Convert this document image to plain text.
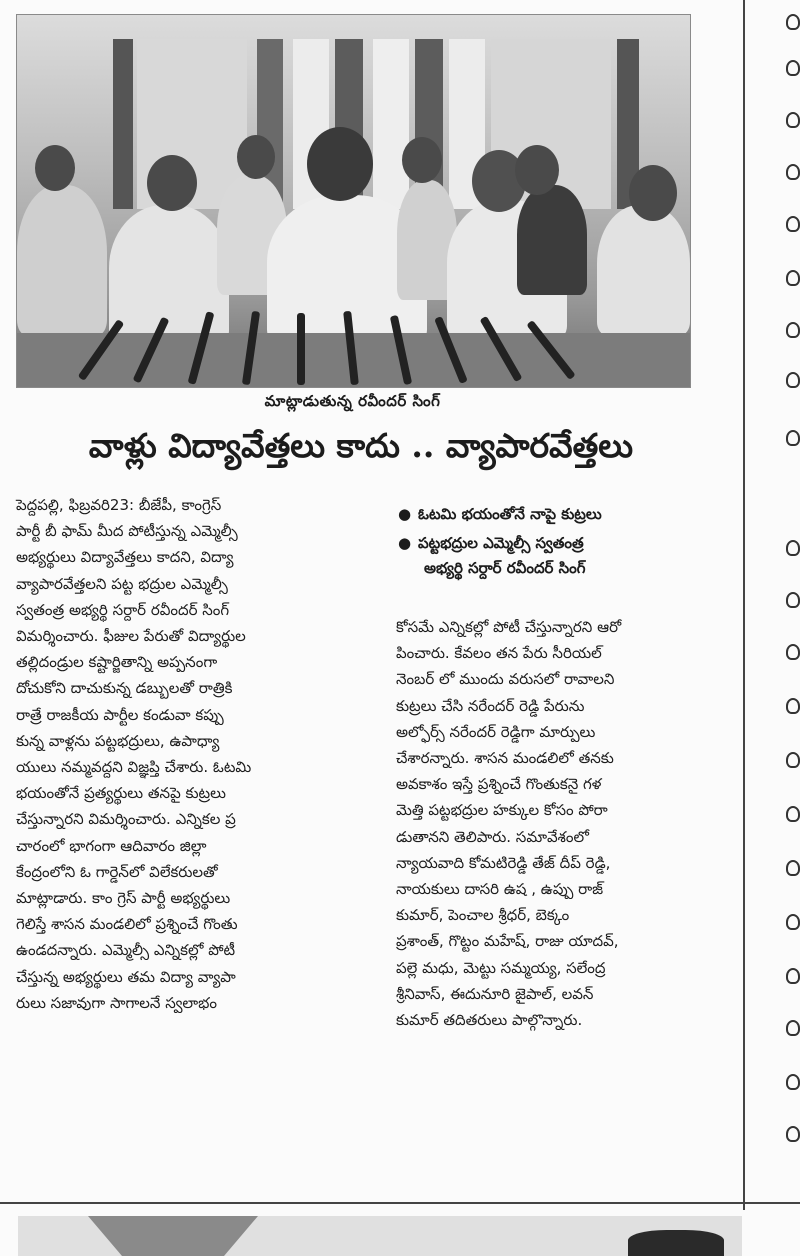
మాట్లాడుతున్న రవీందర్ సింగ్
వాళ్లు విద్యావేత్తలు కాదు .. వ్యాపారవేత్తలు
పెద్దపల్లి, ఫిబ్రవరి23: బీజేపీ, కాంగ్రెస్
పార్టీ బీ ఫామ్ మీద పోటీస్తున్న ఎమ్మెల్సీ
అభ్యర్థులు విద్యావేత్తలు కాదని, విద్యా
వ్యాపారవేత్తలని పట్ట భద్రుల ఎమ్మెల్సీ
స్వతంత్ర అభ్యర్థి సర్దార్ రవీందర్ సింగ్
విమర్శించారు. ఫీజుల పేరుతో విద్యార్థుల
తల్లిదండ్రుల కష్టార్జితాన్ని అప్పనంగా
దోచుకోని దాచుకున్న డబ్బులతో రాత్రికి
రాత్రే రాజకీయ పార్టీల కండువా కప్పు
కున్న వాళ్లను పట్టభద్రులు, ఉపాధ్యా
యులు నమ్మవద్దని విజ్ఞప్తి చేశారు. ఓటమి
భయంతోనే ప్రత్యర్థులు తనపై కుట్రలు
చేస్తున్నారని విమర్శించారు. ఎన్నికల ప్ర
చారంలో భాగంగా ఆదివారం జిల్లా
కేంద్రంలోని ఓ గార్డెన్‌లో విలేకరులతో
మాట్లాడారు. కాం గ్రెస్ పార్టీ అభ్యర్థులు
గెలిస్తే శాసన మండలిలో ప్రశ్నించే గొంతు
ఉండదన్నారు. ఎమ్మెల్సీ ఎన్నికల్లో పోటీ
చేస్తున్న అభ్యర్థులు తమ విద్యా వ్యాపా
రులు సజావుగా సాగాలనే స్వలాభం
● ఓటమి భయంతోనే నాపై కుట్రలు
● పట్టభద్రుల ఎమ్మెల్సీ స్వతంత్ర
అభ్యర్థి సర్దార్ రవీందర్ సింగ్
కోసమే ఎన్నికల్లో పోటీ చేస్తున్నారని ఆరో
పించారు. కేవలం తన పేరు సీరియల్
నెంబర్ లో ముందు వరుసలో రావాలని
కుట్రలు చేసి నరేందర్ రెడ్డి పేరును
అల్ఫోర్స్ నరేందర్ రెడ్డిగా మార్పులు
చేశారన్నారు. శాసన మండలిలో తనకు
అవకాశం ఇస్తే ప్రశ్నించే గొంతుకనై గళ
మెత్తి పట్టభద్రుల హక్కుల కోసం పోరా
డుతానని తెలిపారు. సమావేశంలో
న్యాయవాది కోమటిరెడ్డి తేజ్ దీప్ రెడ్డి,
నాయకులు దాసరి ఉష , ఉప్పు రాజ్
కుమార్, పెంచాల శ్రీధర్, బెక్కం
ప్రశాంత్, గొట్టం మహేష్, రాజు యాదవ్,
పల్లె మధు, మెట్టు సమ్మయ్య, సలేంద్ర
శ్రీనివాస్, ఈదునూరి జైపాల్, లవన్
కుమార్ తదితరులు పాల్గొన్నారు.
